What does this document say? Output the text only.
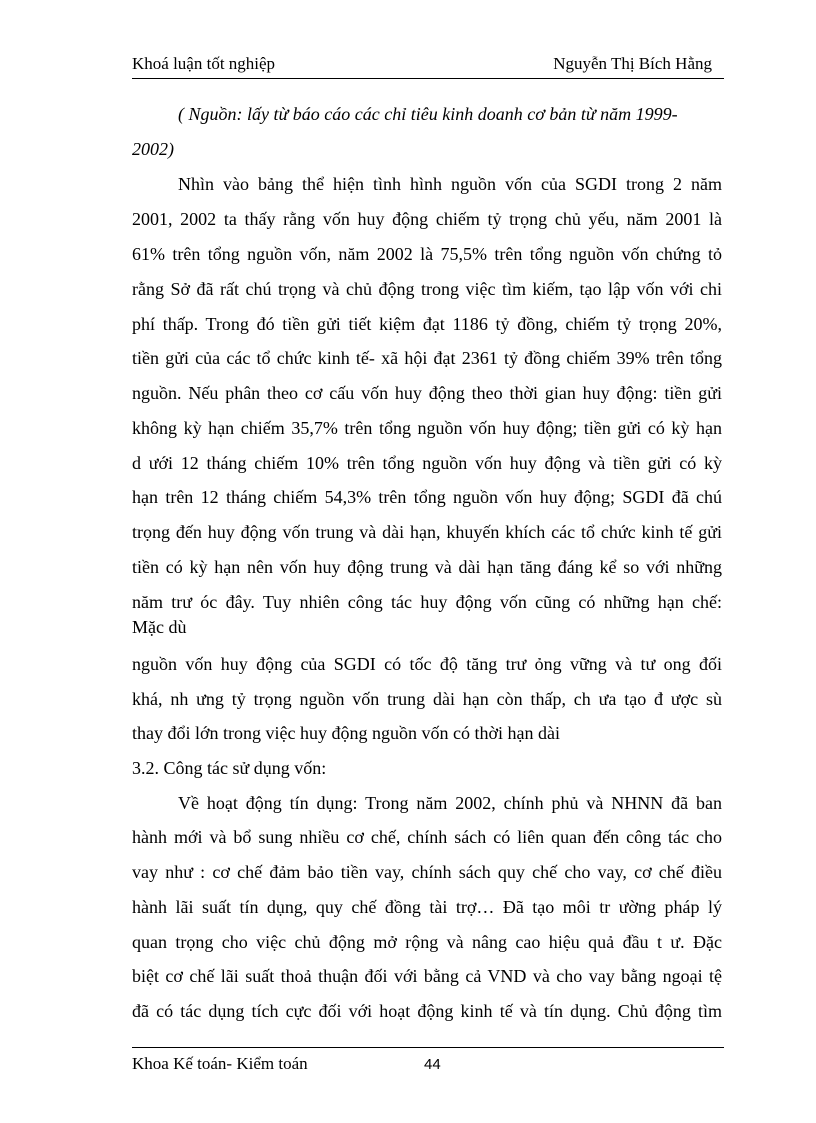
Khoá luận tốt nghiệp	Nguyễn Thị Bích Hằng
( Nguồn: lấy từ báo cáo các chỉ tiêu kinh doanh cơ bản từ năm 1999-
2002)
Nhìn vào bảng thể hiện tình hình nguồn vốn của SGDI trong 2 năm
2001, 2002 ta thấy rằng vốn huy động chiếm tỷ trọng chủ yếu, năm 2001 là
61% trên tổng nguồn vốn, năm 2002 là 75,5% trên tổng nguồn vốn chứng tỏ
rằng Sở đã rất chú trọng và chủ động trong việc tìm kiếm, tạo lập vốn với chi
phí thấp. Trong đó tiền gửi tiết kiệm đạt 1186 tỷ đồng, chiếm tỷ trọng 20%,
tiền gửi của các tổ chức kinh tế- xã hội đạt 2361 tỷ đồng chiếm 39% trên tổng
nguồn. Nếu phân theo cơ cấu vốn huy động theo thời gian huy động: tiền gửi
không kỳ hạn chiếm 35,7% trên tổng nguồn vốn huy động; tiền gửi có kỳ hạn
d ưới 12 tháng chiếm 10% trên tổng nguồn vốn huy động và tiền gửi có kỳ
hạn trên 12 tháng chiếm 54,3% trên tổng nguồn vốn huy động; SGDI đã chú
trọng đến huy động vốn trung và dài hạn, khuyến khích các tổ chức kinh tế gửi
tiền có kỳ hạn nên vốn huy động trung và dài hạn tăng đáng kể so với những
năm trư óc đây. Tuy nhiên công tác huy động vốn cũng có những hạn chế:
Mặc dù
nguồn vốn huy động của SGDI có tốc độ tăng trư ỏng vững và tư ong đối
khá, nh ưng tỷ trọng nguồn vốn trung dài hạn còn thấp, ch ưa tạo đ ược sù
thay đổi lớn trong việc huy động nguồn vốn có thời hạn dài
3.2. Công tác sử dụng vốn:
Về hoạt động tín dụng: Trong năm 2002, chính phủ và NHNN đã ban
hành mới và bổ sung nhiều cơ chế, chính sách có liên quan đến công tác cho
vay như : cơ chế đảm bảo tiền vay, chính sách quy chế cho vay, cơ chế điều
hành lãi suất tín dụng, quy chế đồng tài trợ… Đã tạo môi tr ường pháp lý
quan trọng cho việc chủ động mở rộng và nâng cao hiệu quả đầu t ư. Đặc
biệt cơ chế lãi suất thoả thuận đối với bằng cả VND và cho vay bằng ngoại tệ
đã có tác dụng tích cực đối với hoạt động kinh tế và tín dụng. Chủ động tìm
Khoa Kế toán- Kiểm toán	44
